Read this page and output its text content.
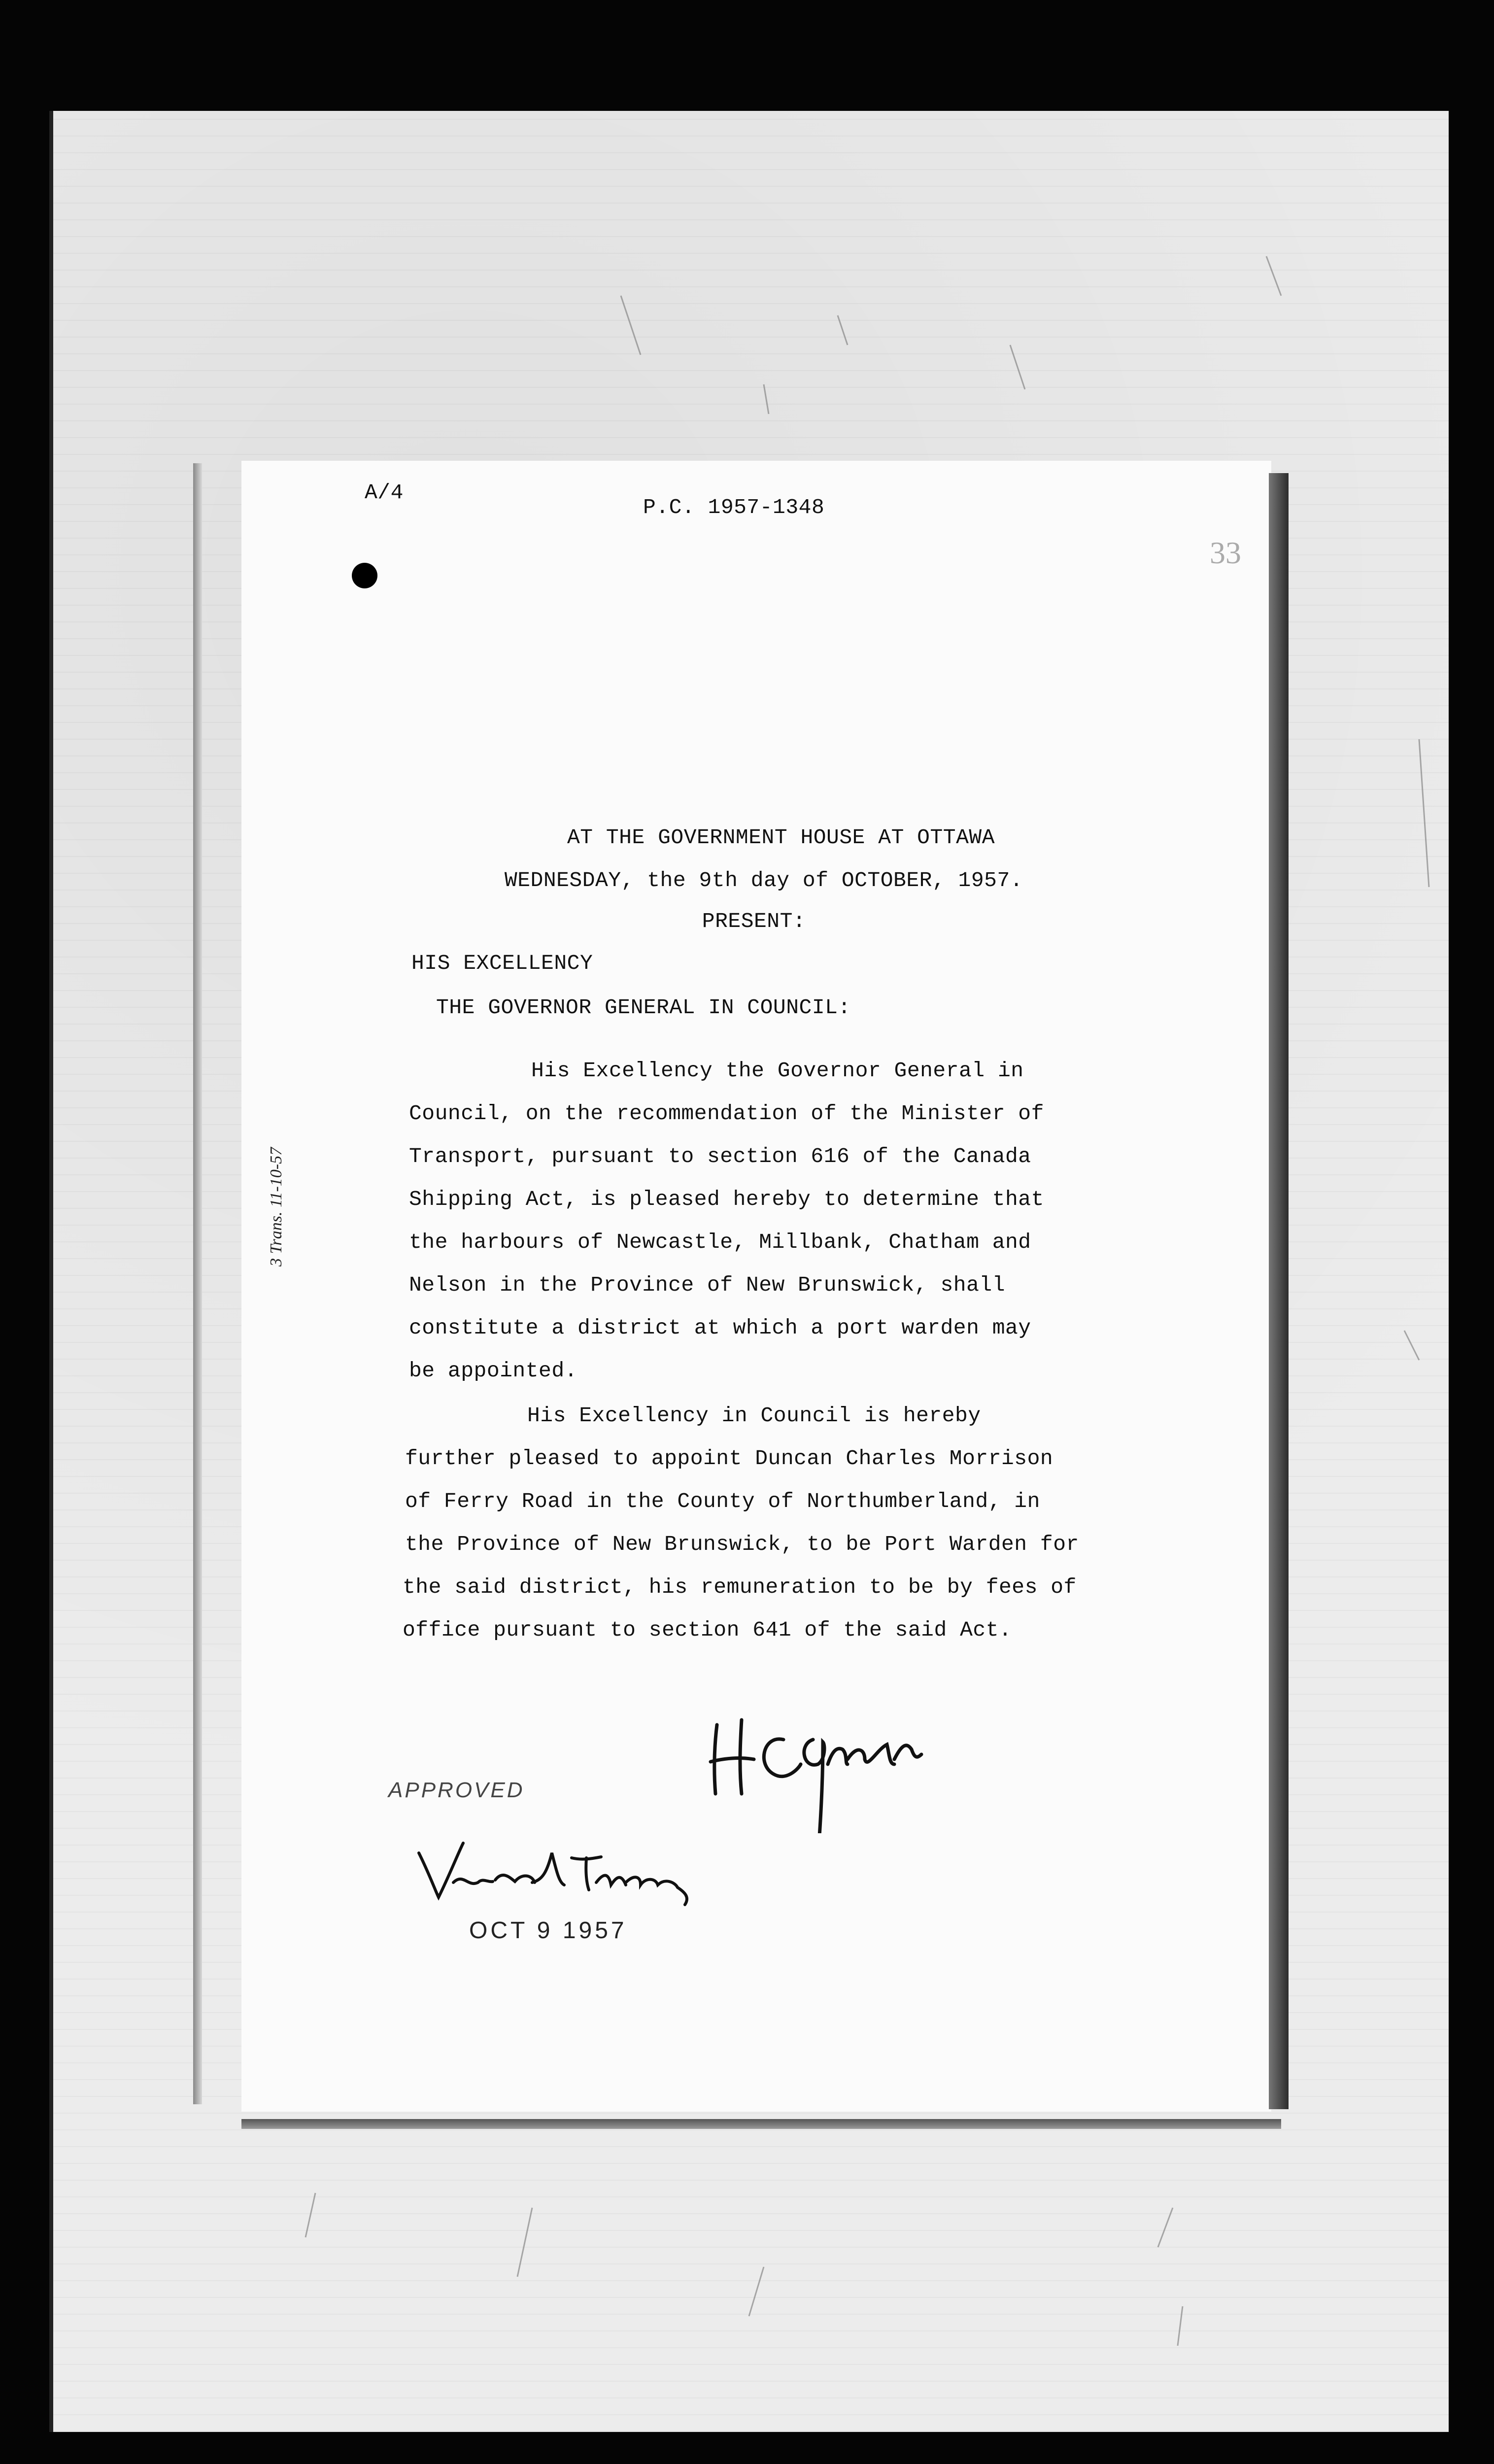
A/4
P.C. 1957-1348
33
AT THE GOVERNMENT HOUSE AT OTTAWA
WEDNESDAY, the 9th day of OCTOBER, 1957.
PRESENT:
HIS EXCELLENCY
THE GOVERNOR GENERAL IN COUNCIL:
His Excellency the Governor General in
Council, on the recommendation of the Minister of
Transport, pursuant to section 616 of the Canada
Shipping Act, is pleased hereby to determine that
the harbours of Newcastle, Millbank, Chatham and
Nelson in the Province of New Brunswick, shall
constitute a district at which a port warden may
be appointed.
His Excellency in Council is hereby
further pleased to appoint Duncan Charles Morrison
of Ferry Road in the County of Northumberland, in
the Province of New Brunswick, to be Port Warden for
the said district, his remuneration to be by fees of
office pursuant to section 641 of the said Act.
3 Trans. 11-10-57
APPROVED
OCT 9 1957
